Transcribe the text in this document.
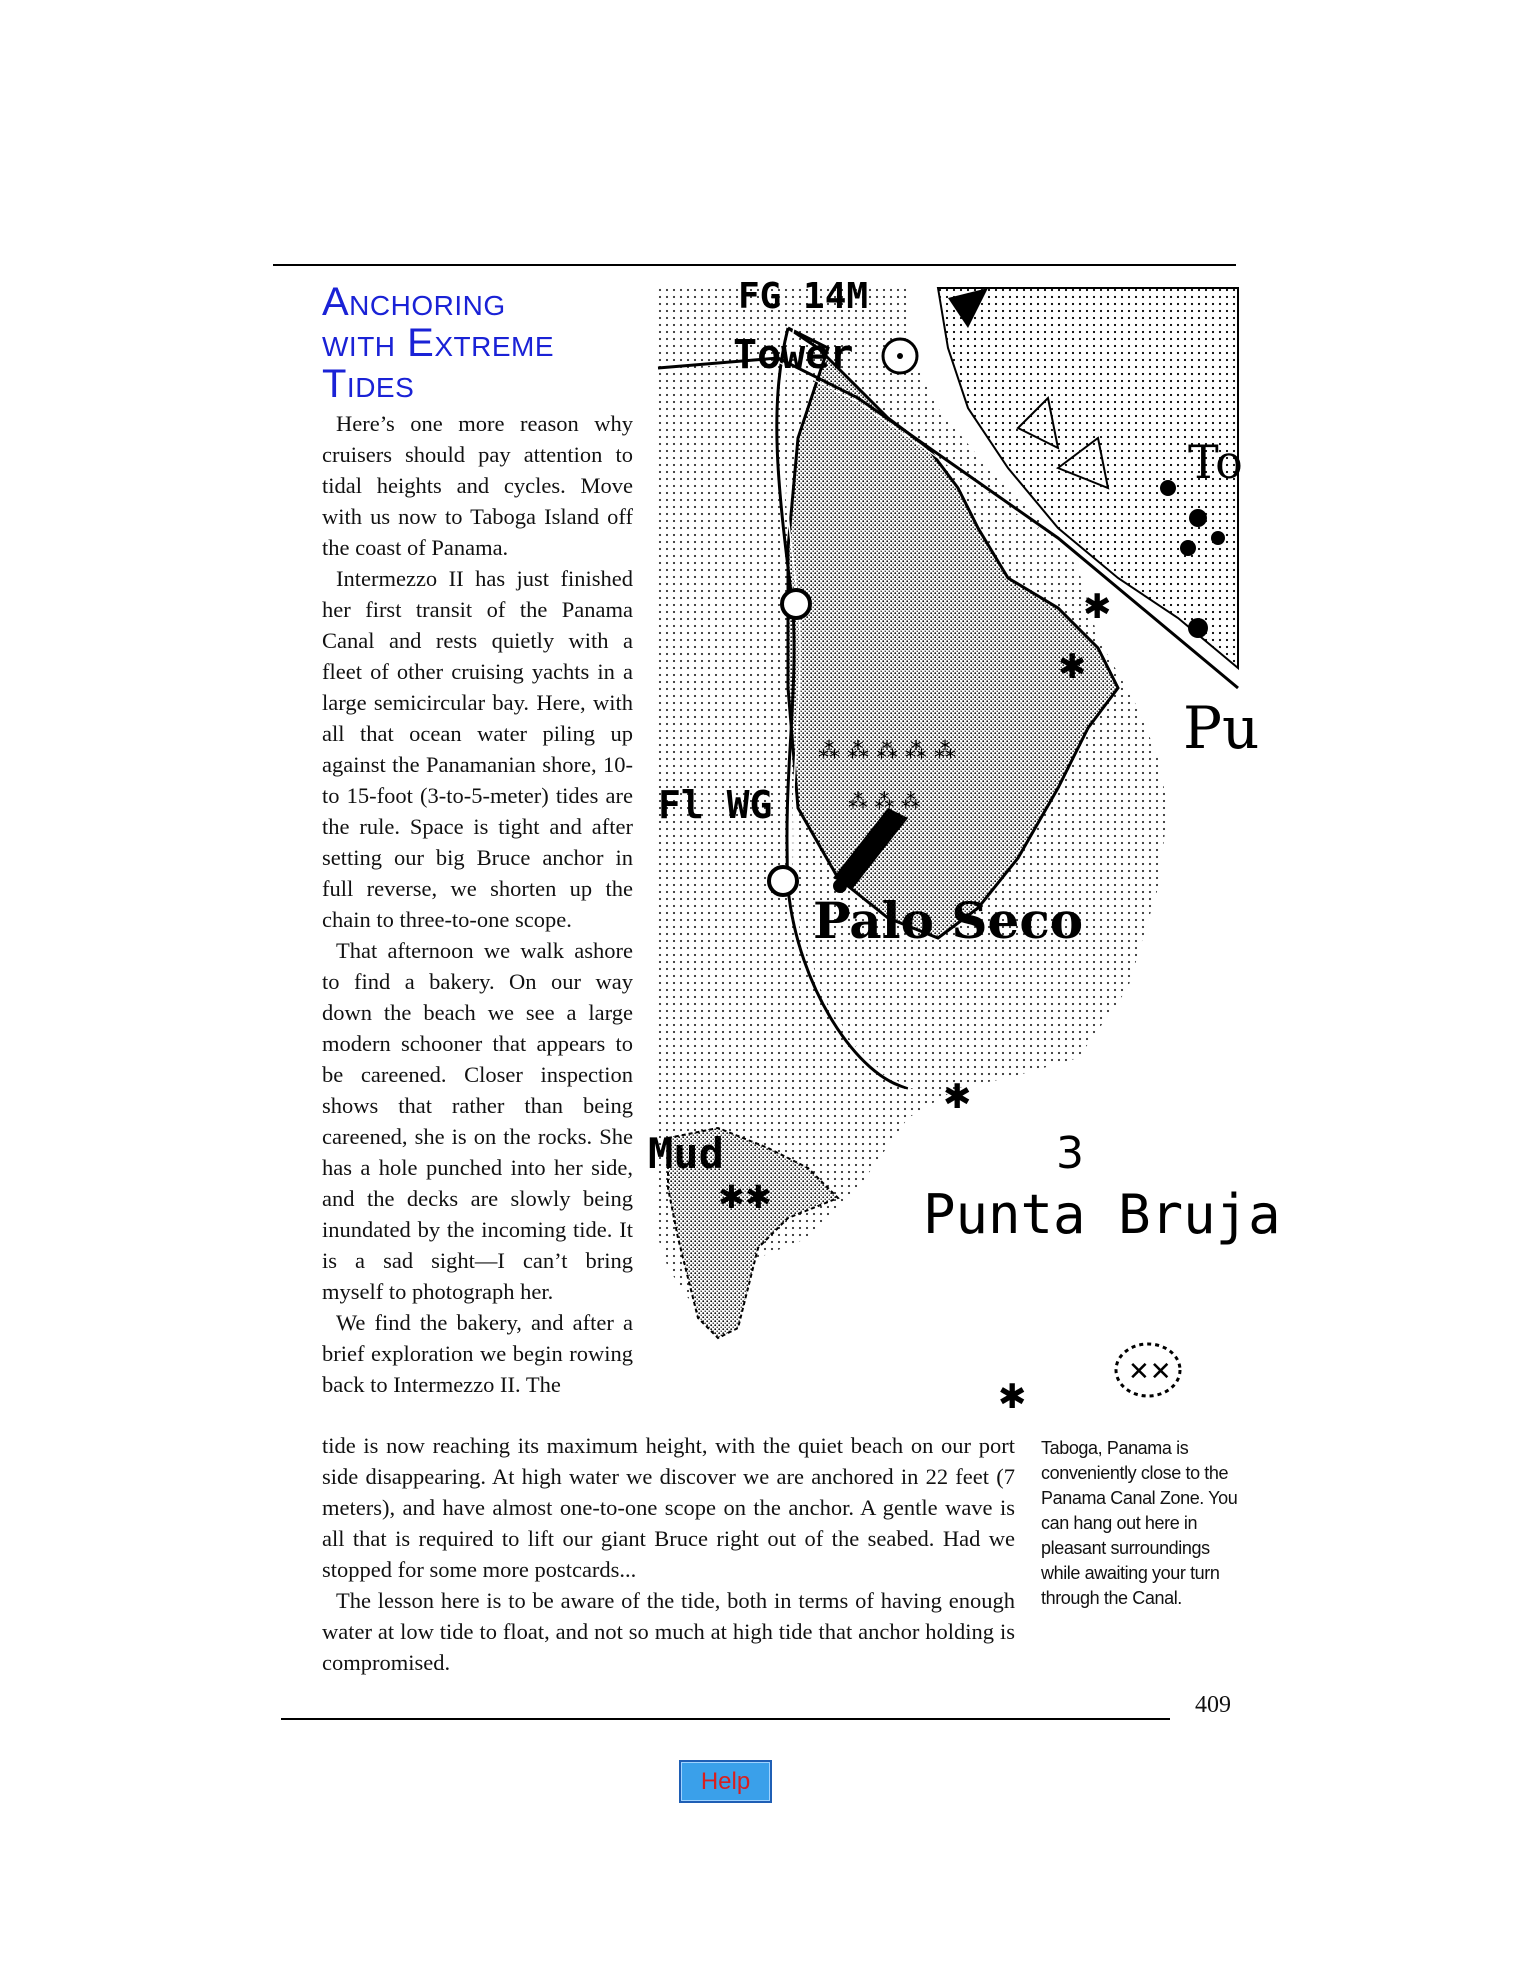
Anchoring
with Extreme
Tides

Here’s one more reason why cruisers should pay attention to tidal heights and cycles. Move with us now to Taboga Island off the coast of Panama.

Intermezzo II has just finished her first transit of the Panama Canal and rests quietly with a fleet of other cruising yachts in a large semicircular bay. Here, with all that ocean water piling up against the Panamanian shore, 10- to 15-foot (3-to-5-meter) tides are the rule. Space is tight and after setting our big Bruce anchor in full reverse, we shorten up the chain to three-to-one scope.

That afternoon we walk ashore to find a bakery. On our way down the beach we see a large modern schooner that appears to be careened. Closer inspection shows that rather than being careened, she is on the rocks. She has a hole punched into her side, and the decks are slowly being inundated by the incoming tide. It is a sad sight—I can’t bring myself to photograph her.

We find the bakery, and after a brief exploration we begin rowing back to Intermezzo II. The

tide is now reaching its maximum height, with the quiet beach on our port side disappearing. At high water we discover we are anchored in 22 feet (7 meters), and have almost one-to-one scope on the anchor. A gentle wave is all that is required to lift our giant Bruce right out of the seabed. Had we stopped for some more postcards...

The lesson here is to be aware of the tide, both in terms of having enough water at low tide to float, and not so much at high tide that anchor holding is compromised.

✱
✱
✱
✱✱
✱
✕✕
⁂ ⁂ ⁂ ⁂ ⁂
⁂ ⁂ ⁂
FG 14M
Tower
To
Pu
Fl WG
Palo Seco
3
Mud
Punta Bruja
Taboga, Panama is conveniently close to the Panama Canal Zone. You can hang out here in pleasant surroundings while awaiting your turn through the Canal.
409
Help
